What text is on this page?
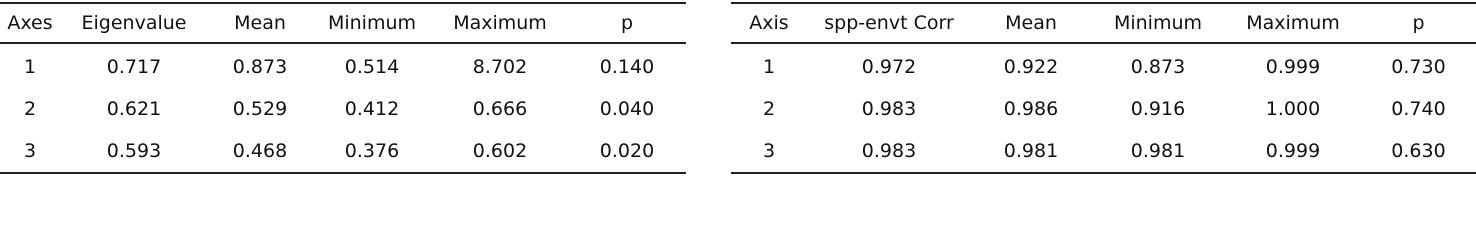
Axes	Eigenvalue	Mean	Minimum	Maximum	p
1	0.717	0.873	0.514	8.702	0.140
2	0.621	0.529	0.412	0.666	0.040
3	0.593	0.468	0.376	0.602	0.020
Axis	spp-envt Corr	Mean	Minimum	Maximum	p
1	0.972	0.922	0.873	0.999	0.730
2	0.983	0.986	0.916	1.000	0.740
3	0.983	0.981	0.981	0.999	0.630
